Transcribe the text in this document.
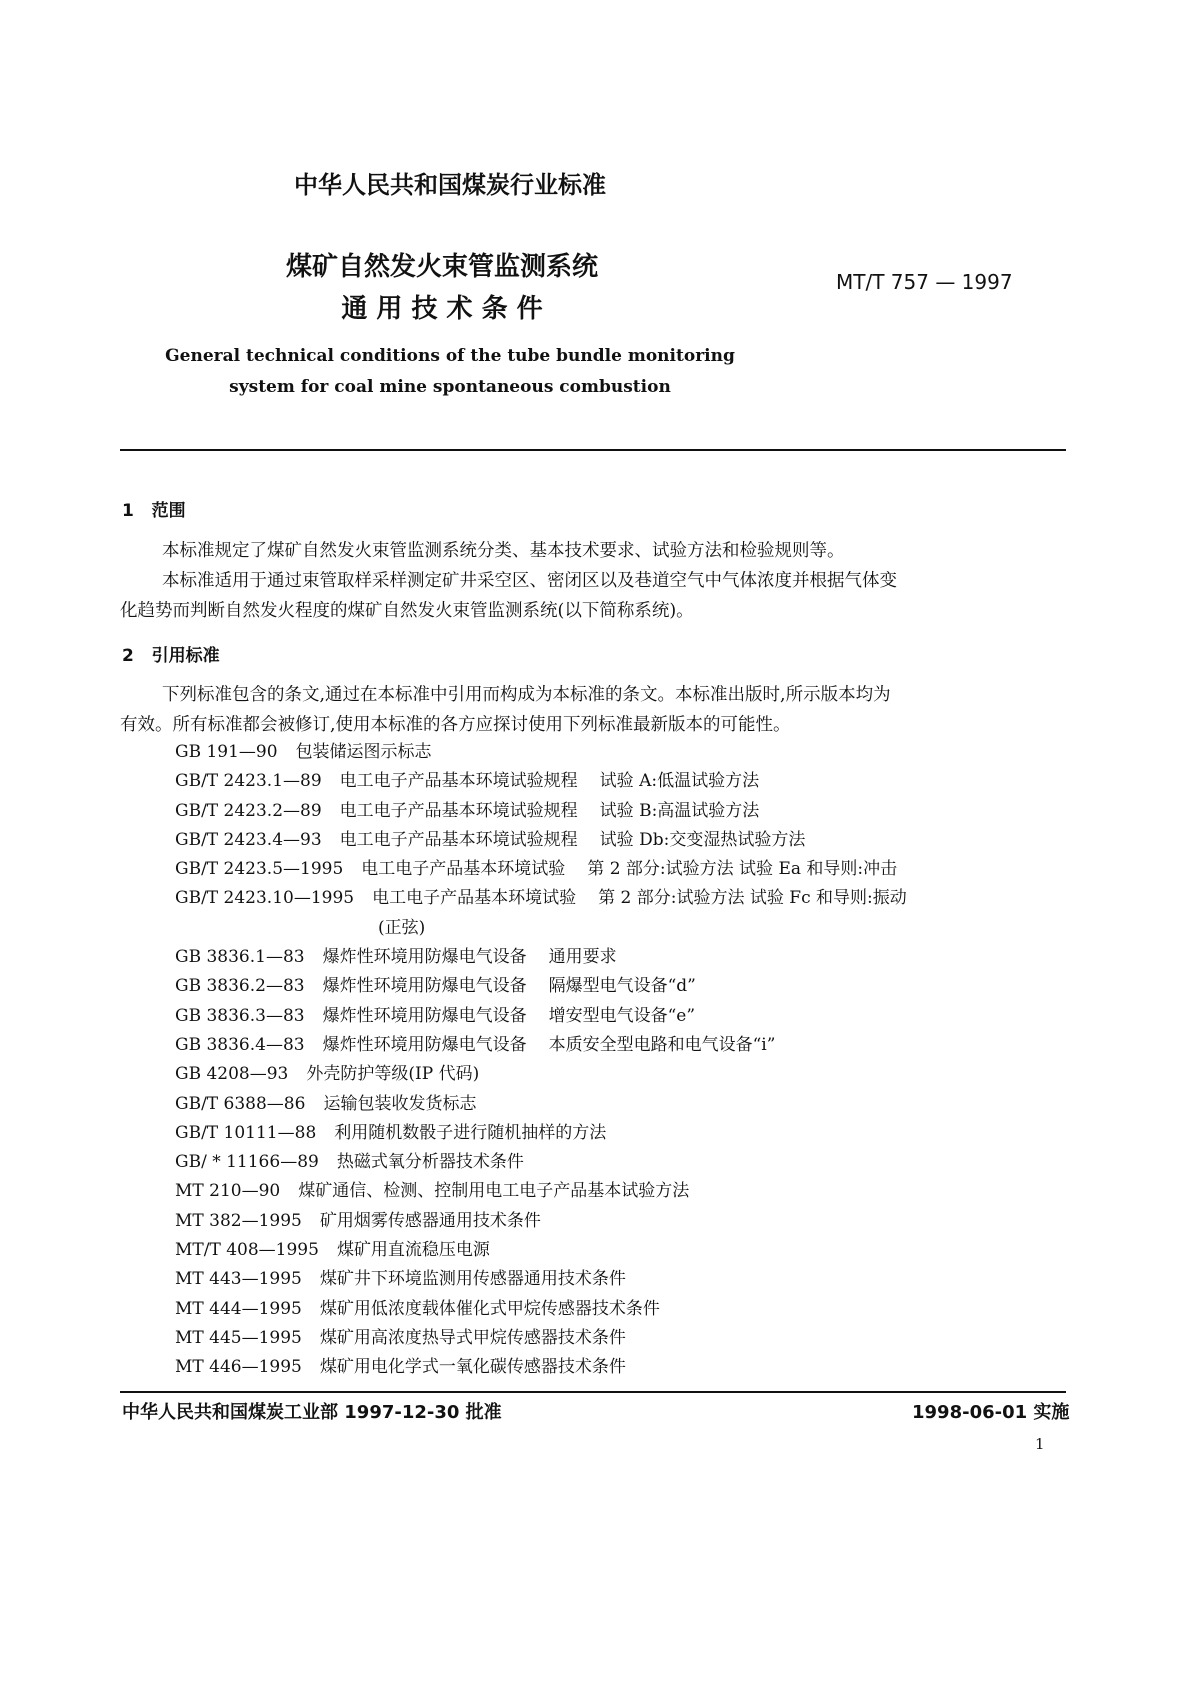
中华人民共和国煤炭行业标准
煤矿自然发火束管监测系统
通 用 技 术 条 件
MT/T 757 — 1997
General technical conditions of the tube bundle monitoring
system for coal mine spontaneous combustion
1 范围
本标准规定了煤矿自然发火束管监测系统分类、基本技术要求、试验方法和检验规则等。
本标准适用于通过束管取样采样测定矿井采空区、密闭区以及巷道空气中气体浓度并根据气体变
化趋势而判断自然发火程度的煤矿自然发火束管监测系统(以下简称系统)。
2 引用标准
下列标准包含的条文,通过在本标准中引用而构成为本标准的条文。本标准出版时,所示版本均为
有效。所有标准都会被修订,使用本标准的各方应探讨使用下列标准最新版本的可能性。
GB 191—90 包装储运图示标志
GB/T 2423.1—89 电工电子产品基本环境试验规程 试验 A:低温试验方法
GB/T 2423.2—89 电工电子产品基本环境试验规程 试验 B:高温试验方法
GB/T 2423.4—93 电工电子产品基本环境试验规程 试验 Db:交变湿热试验方法
GB/T 2423.5—1995 电工电子产品基本环境试验 第 2 部分:试验方法 试验 Ea 和导则:冲击
GB/T 2423.10—1995 电工电子产品基本环境试验 第 2 部分:试验方法 试验 Fc 和导则:振动
(正弦)
GB 3836.1—83 爆炸性环境用防爆电气设备 通用要求
GB 3836.2—83 爆炸性环境用防爆电气设备 隔爆型电气设备“d”
GB 3836.3—83 爆炸性环境用防爆电气设备 增安型电气设备“e”
GB 3836.4—83 爆炸性环境用防爆电气设备 本质安全型电路和电气设备“i”
GB 4208—93 外壳防护等级(IP 代码)
GB/T 6388—86 运输包装收发货标志
GB/T 10111—88 利用随机数骰子进行随机抽样的方法
GB/ * 11166—89 热磁式氧分析器技术条件
MT 210—90 煤矿通信、检测、控制用电工电子产品基本试验方法
MT 382—1995 矿用烟雾传感器通用技术条件
MT/T 408—1995 煤矿用直流稳压电源
MT 443—1995 煤矿井下环境监测用传感器通用技术条件
MT 444—1995 煤矿用低浓度载体催化式甲烷传感器技术条件
MT 445—1995 煤矿用高浓度热导式甲烷传感器技术条件
MT 446—1995 煤矿用电化学式一氧化碳传感器技术条件
中华人民共和国煤炭工业部 1997-12-30 批准	1998-06-01 实施
1
